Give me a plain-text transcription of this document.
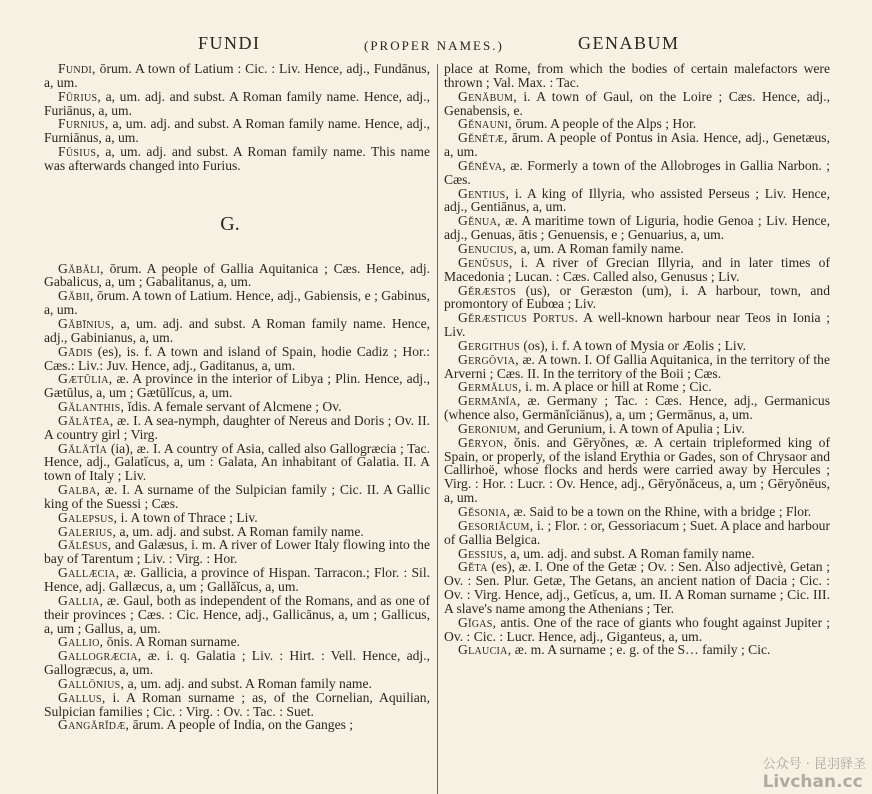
FUNDI	(PROPER NAMES.)	GENABUM

Fundi, ōrum. A town of Latium : Cic. : Liv. Hence, adj., Fundānus, a, um.

Fūrius, a, um. adj. and subst. A Roman family name. Hence, adj., Furiānus, a, um.

Furnius, a, um. adj. and subst. A Roman family name. Hence, adj., Furniānus, a, um.

Fūsius, a, um. adj. and subst. A Roman family name. This name was afterwards changed into Furius.

G.

Găbăli, ōrum. A people of Gallia Aquitanica ; Cæs. Hence, adj. Gabalicus, a, um ; Gabalitanus, a, um.

Găbii, ōrum. A town of Latium. Hence, adj., Gabiensis, e ; Gabinus, a, um.

Găbīnius, a, um. adj. and subst. A Roman family name. Hence, adj., Gabinianus, a, um.

Gādis (es), is. f. A town and island of Spain, hodie Cadiz ; Hor.: Cæs.: Liv.: Juv. Hence, adj., Gaditanus, a, um.

Gætūlia, æ. A province in the interior of Libya ; Plin. Hence, adj., Gætūlus, a, um ; Gætūlĭcus, a, um.

Gălanthis, ĭdis. A female servant of Alcmene ; Ov.

Gălătēa, æ. I. A sea-nymph, daughter of Nereus and Doris ; Ov. II. A country girl ; Virg.

Gălătĭa (ia), æ. I. A country of Asia, called also Gallogræcia ; Tac. Hence, adj., Galatĭcus, a, um : Galata, An inhabitant of Galatia. II. A town of Italy ; Liv.

Galba, æ. I. A surname of the Sulpician family ; Cic. II. A Gallic king of the Suessi ; Cæs.

Galepsus, i. A town of Thrace ; Liv.

Galerius, a, um. adj. and subst. A Roman family name.

Gălēsus, and Galæsus, i. m. A river of Lower Italy flowing into the bay of Tarentum ; Liv. : Virg. : Hor.

Gallæcia, æ. Gallicia, a province of Hispan. Tarracon.; Flor. : Sil. Hence, adj. Gallæcus, a, um ; Gallăĭcus, a, um.

Gallia, æ. Gaul, both as independent of the Romans, and as one of their provinces ; Cæs. : Cic. Hence, adj., Gallicānus, a, um ; Gallicus, a, um ; Gallus, a, um.

Gallio, ōnis. A Roman surname.

Gallogræcia, æ. i. q. Galatia ; Liv. : Hirt. : Vell. Hence, adj., Gallogræcus, a, um.

Gallōnius, a, um. adj. and subst. A Roman family name.

Gallus, i. A Roman surname ; as, of the Cornelian, Aquilian, Sulpician families ; Cic. : Virg. : Ov. : Tac. : Suet.

Gangărĭdæ, ārum. A people of India, on the Ganges ;

place at Rome, from which the bodies of certain malefactors were thrown ; Val. Max. : Tac.

Genăbum, i. A town of Gaul, on the Loire ; Cæs. Hence, adj., Genabensis, e.

Gĕnauni, ōrum. A people of the Alps ; Hor.

Gĕnĕtæ, ārum. A people of Pontus in Asia. Hence, adj., Genetæus, a, um.

Gĕnĕva, æ. Formerly a town of the Allobroges in Gallia Narbon. ; Cæs.

Gentius, i. A king of Illyria, who assisted Perseus ; Liv. Hence, adj., Gentiānus, a, um.

Gĕnua, æ. A maritime town of Liguria, hodie Genoa ; Liv. Hence, adj., Genuas, ātis ; Genuensis, e ; Genuarius, a, um.

Genucius, a, um. A Roman family name.

Genūsus, i. A river of Grecian Illyria, and in later times of Macedonia ; Lucan. : Cæs. Called also, Genusus ; Liv.

Gĕræstos (us), or Geræston (um), i. A harbour, town, and promontory of Eubœa ; Liv.

Gĕræsticus Portus. A well-known harbour near Teos in Ionia ; Liv.

Gergithus (os), i. f. A town of Mysia or Æolis ; Liv.

Gergŏvia, æ. A town. I. Of Gallia Aquitanica, in the territory of the Arverni ; Cæs. II. In the territory of the Boii ; Cæs.

Germălus, i. m. A place or hill at Rome ; Cic.

Germānĭa, æ. Germany ; Tac. : Cæs. Hence, adj., Germanicus (whence also, Germānĭciānus), a, um ; Germānus, a, um.

Geronium, and Gerunium, i. A town of Apulia ; Liv.

Gēryon, ŏnis. and Gēryŏnes, æ. A certain tripleformed king of Spain, or properly, of the island Erythia or Gades, son of Chrysaor and Callirhoë, whose flocks and herds were carried away by Hercules ; Virg. : Hor. : Lucr. : Ov. Hence, adj., Gēryŏnăceus, a, um ; Gēryŏnēus, a, um.

Gĕsonia, æ. Said to be a town on the Rhine, with a bridge ; Flor.

Gesoriăcum, i. ; Flor. : or, Gessoriacum ; Suet. A place and harbour of Gallia Belgica.

Gessius, a, um. adj. and subst. A Roman family name.

Gĕta (es), æ. I. One of the Getæ ; Ov. : Sen. Also adjectivè, Getan ; Ov. : Sen. Plur. Getæ, The Getans, an ancient nation of Dacia ; Cic. : Ov. : Virg. Hence, adj., Getĭcus, a, um. II. A Roman surname ; Cic. III. A slave's name among the Athenians ; Ter.

Gĭgas, antis. One of the race of giants who fought against Jupiter ; Ov. : Cic. : Lucr. Hence, adj., Giganteus, a, um.

Glaucia, æ. m. A surname ; e. g. of the S… family ; Cic.

公众号 · 昆羽驿圣
Livchan.cc
